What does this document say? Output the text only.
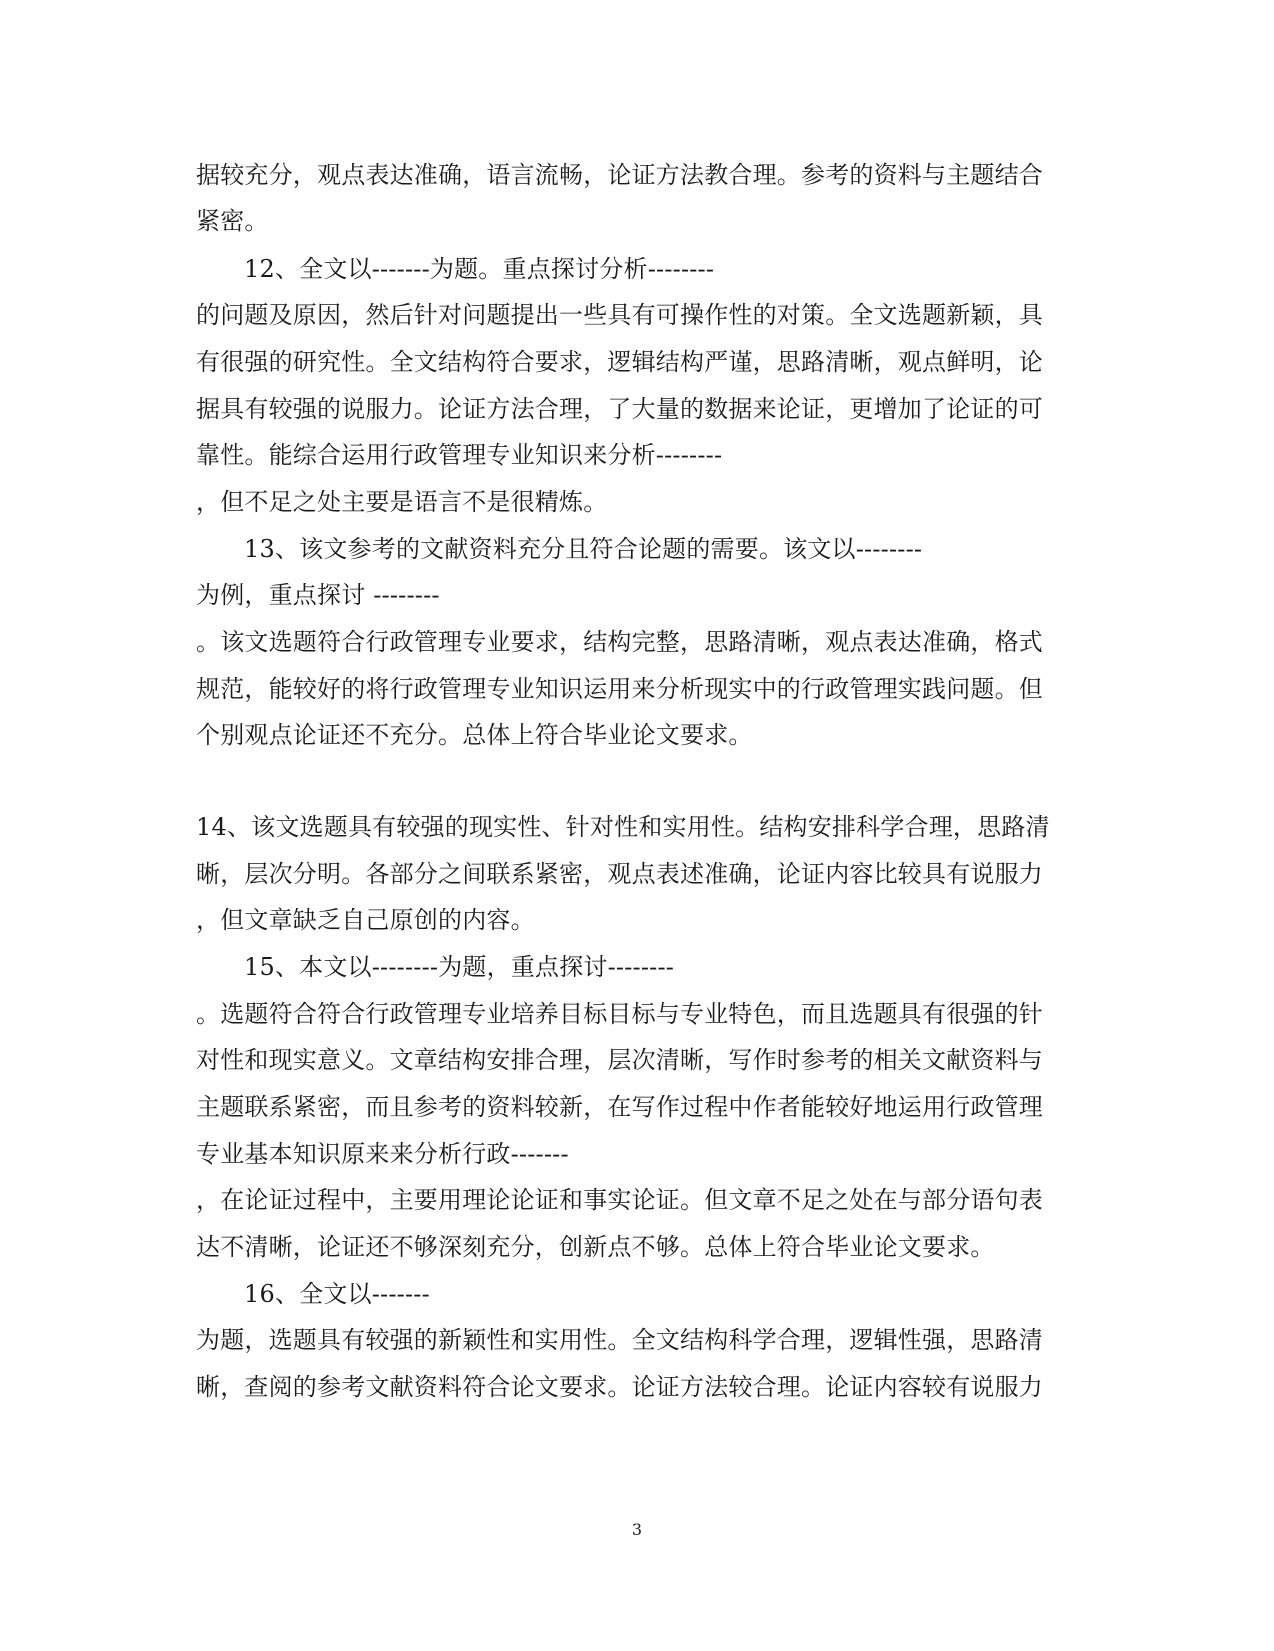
据较充分，观点表达准确，语言流畅，论证方法教合理。参考的资料与主题结合
紧密。
12、全文以-------为题。重点探讨分析--------
的问题及原因，然后针对问题提出一些具有可操作性的对策。全文选题新颖，具
有很强的研究性。全文结构符合要求，逻辑结构严谨，思路清晰，观点鲜明，论
据具有较强的说服力。论证方法合理，了大量的数据来论证，更增加了论证的可
靠性。能综合运用行政管理专业知识来分析--------
，但不足之处主要是语言不是很精炼。
13、该文参考的文献资料充分且符合论题的需要。该文以--------
为例，重点探讨 --------
。该文选题符合行政管理专业要求，结构完整，思路清晰，观点表达准确，格式
规范，能较好的将行政管理专业知识运用来分析现实中的行政管理实践问题。但
个别观点论证还不充分。总体上符合毕业论文要求。
14、该文选题具有较强的现实性、针对性和实用性。结构安排科学合理，思路清
晰，层次分明。各部分之间联系紧密，观点表述准确，论证内容比较具有说服力
，但文章缺乏自己原创的内容。
15、本文以--------为题，重点探讨--------
。选题符合符合行政管理专业培养目标目标与专业特色，而且选题具有很强的针
对性和现实意义。文章结构安排合理，层次清晰，写作时参考的相关文献资料与
主题联系紧密，而且参考的资料较新，在写作过程中作者能较好地运用行政管理
专业基本知识原来来分析行政-------
，在论证过程中，主要用理论论证和事实论证。但文章不足之处在与部分语句表
达不清晰，论证还不够深刻充分，创新点不够。总体上符合毕业论文要求。
16、全文以-------
为题，选题具有较强的新颖性和实用性。全文结构科学合理，逻辑性强，思路清
晰，查阅的参考文献资料符合论文要求。论证方法较合理。论证内容较有说服力
3
